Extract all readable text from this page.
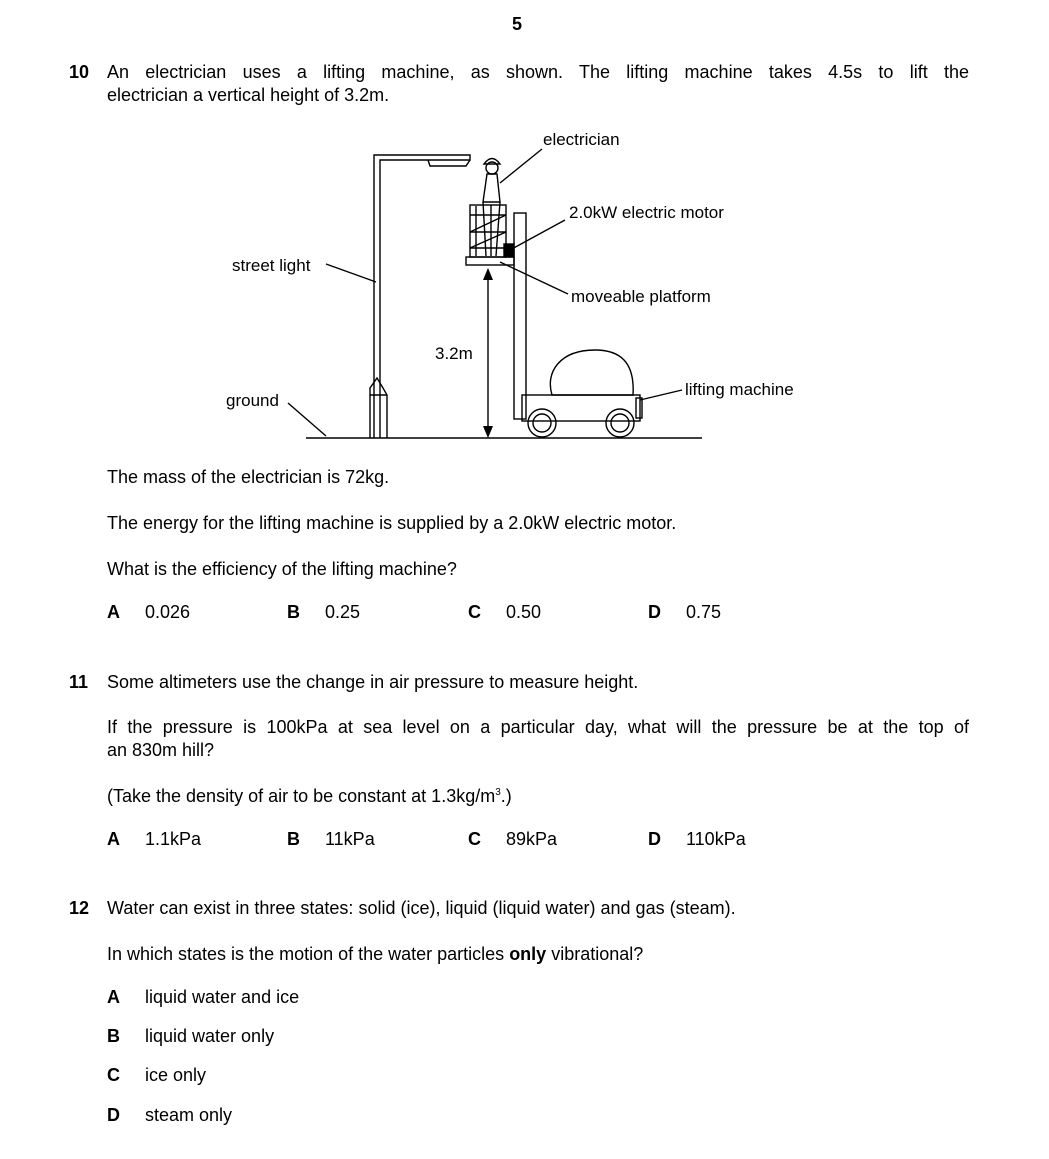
5
10 An electrician uses a lifting machine, as shown. The lifting machine takes 4.5s to lift the
electrician a vertical height of 3.2m.
electrician
2.0kW electric motor
street light
moveable platform
3.2m
ground
lifting machine
The mass of the electrician is 72kg.
The energy for the lifting machine is supplied by a 2.0kW electric motor.
What is the efficiency of the lifting machine?
A 0.026	B 0.25	C 0.50	D 0.75
11 Some altimeters use the change in air pressure to measure height.
If the pressure is 100kPa at sea level on a particular day, what will the pressure be at the top of
an 830m hill?
(Take the density of air to be constant at $1.3kg/m^3$.)
A 1.1kPa	B 11kPa	C 89kPa	D 110kPa
12 Water can exist in three states: solid (ice), liquid (liquid water) and gas (steam).
In which states is the motion of the water particles only vibrational?
A liquid water and ice
B liquid water only
C ice only
D steam only
